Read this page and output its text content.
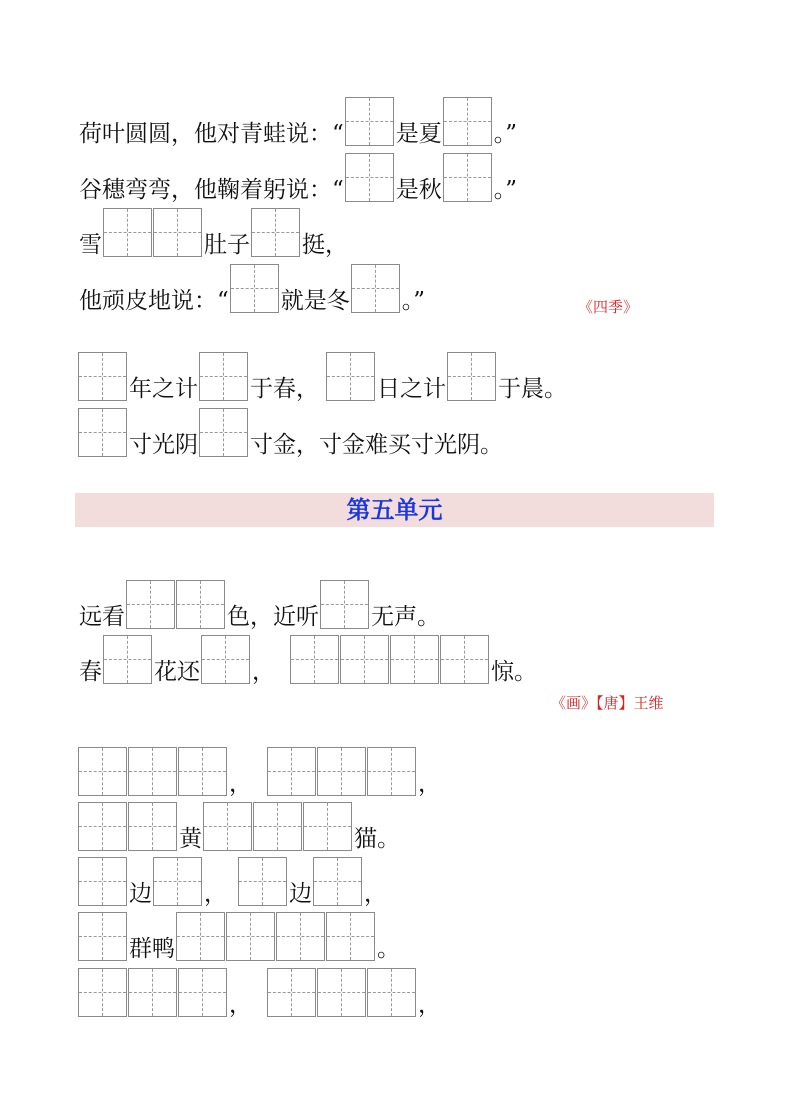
荷叶圆圆，他对青蛙说：“ 是夏 。”
谷穗弯弯，他鞠着躬说：“ 是秋 。”
雪	肚子 挺，
他顽皮地说：“ 就是冬 。”	《四季》
年之计 于春，	日之计 于晨。
寸光阴 寸金，寸金难买寸光阴。
第五单元
远看	色，近听 无声。
春 花还 ，	惊。
《画》【唐】王维
，	，
黄	猫。
边 ，	边 ，
群鸭	。
，	，
